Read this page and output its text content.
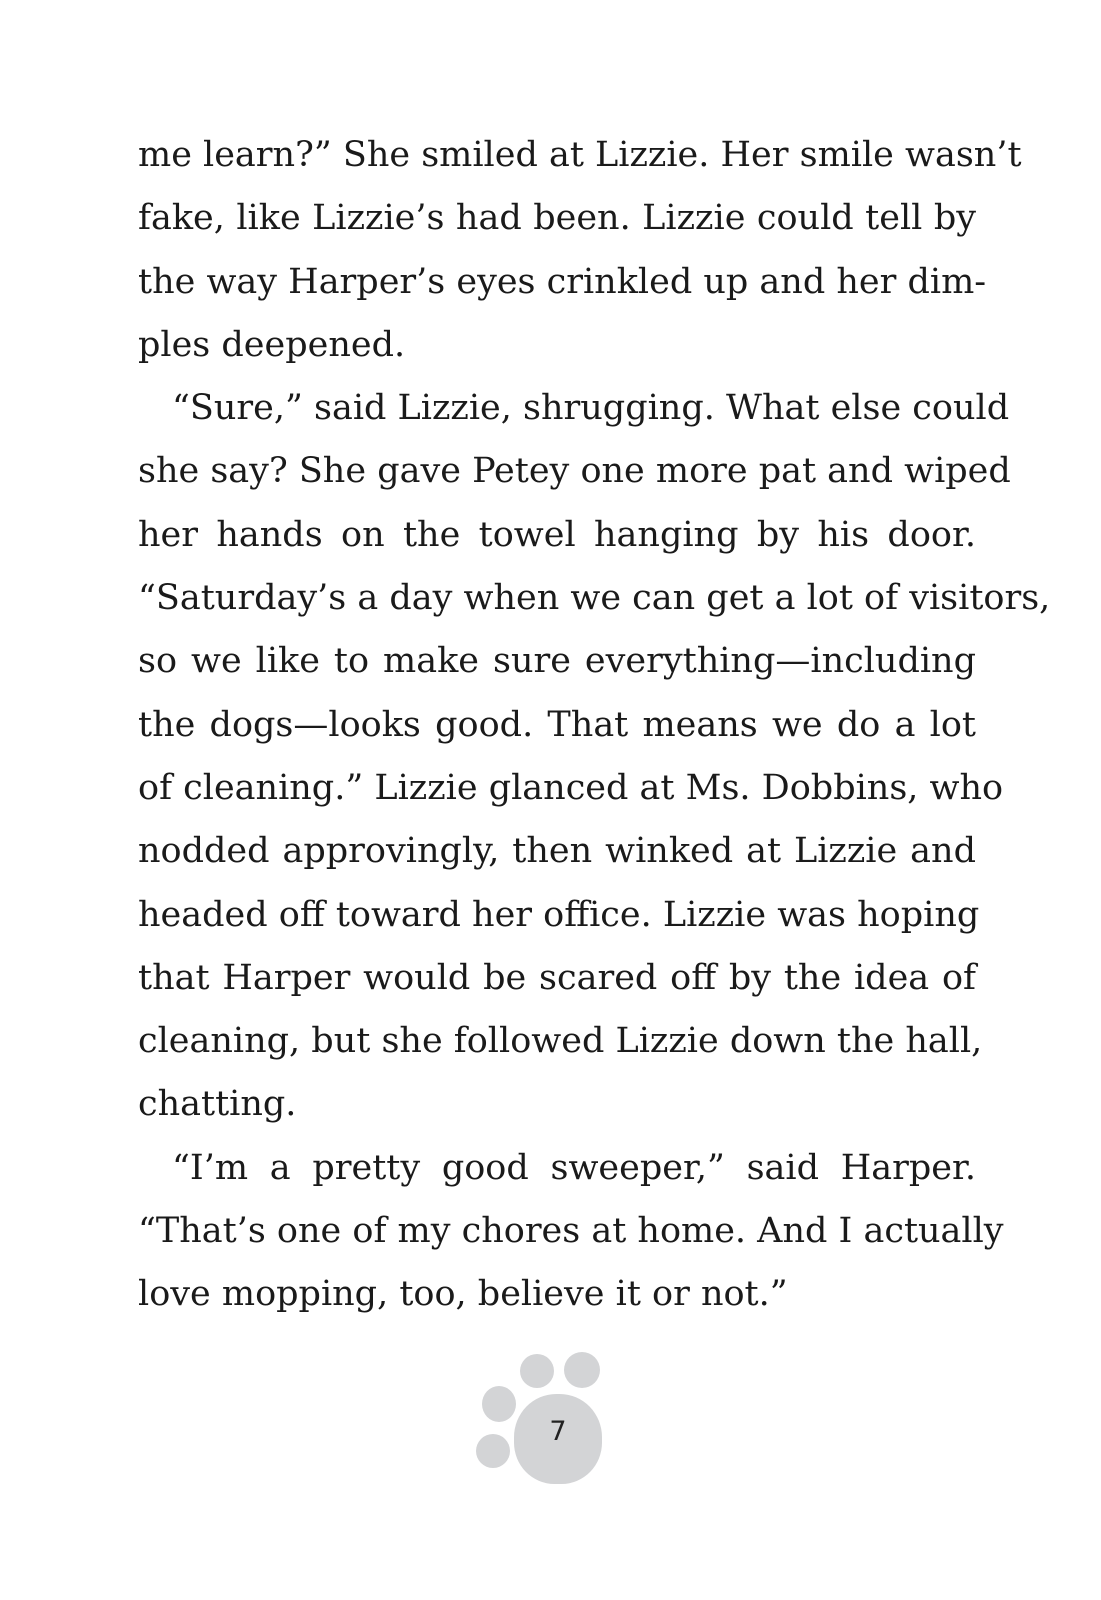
me learn?” She smiled at Lizzie. Her smile wasn’t
fake, like Lizzie’s had been. Lizzie could tell by
the way Harper’s eyes crinkled up and her dim-
ples deepened.
“Sure,” said Lizzie, shrugging. What else could
she say? She gave Petey one more pat and wiped
her hands on the towel hanging by his door.
“Saturday’s a day when we can get a lot of visitors,
so we like to make sure everything—including
the dogs—looks good. That means we do a lot
of cleaning.” Lizzie glanced at Ms. Dobbins, who
nodded approvingly, then winked at Lizzie and
headed off toward her office. Lizzie was hoping
that Harper would be scared off by the idea of
cleaning, but she followed Lizzie down the hall,
chatting.
“I’m a pretty good sweeper,” said Harper.
“That’s one of my chores at home. And I actually
love mopping, too, believe it or not.”
7
